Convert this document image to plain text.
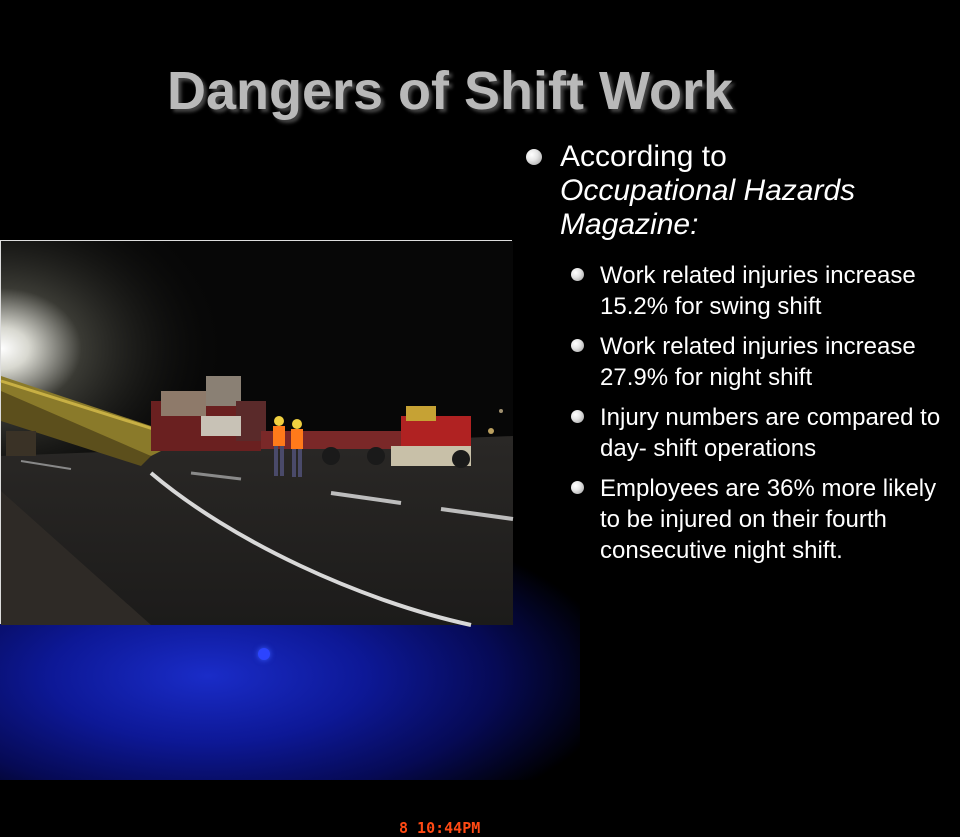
Dangers of Shift Work
8 10:44PM
According to
Occupational Hazards Magazine:
Work related injuries increase 15.2% for swing shift
Work related injuries increase 27.9% for night shift
Injury numbers are compared to day- shift operations
Employees are 36% more likely to be injured on their fourth consecutive night shift.
